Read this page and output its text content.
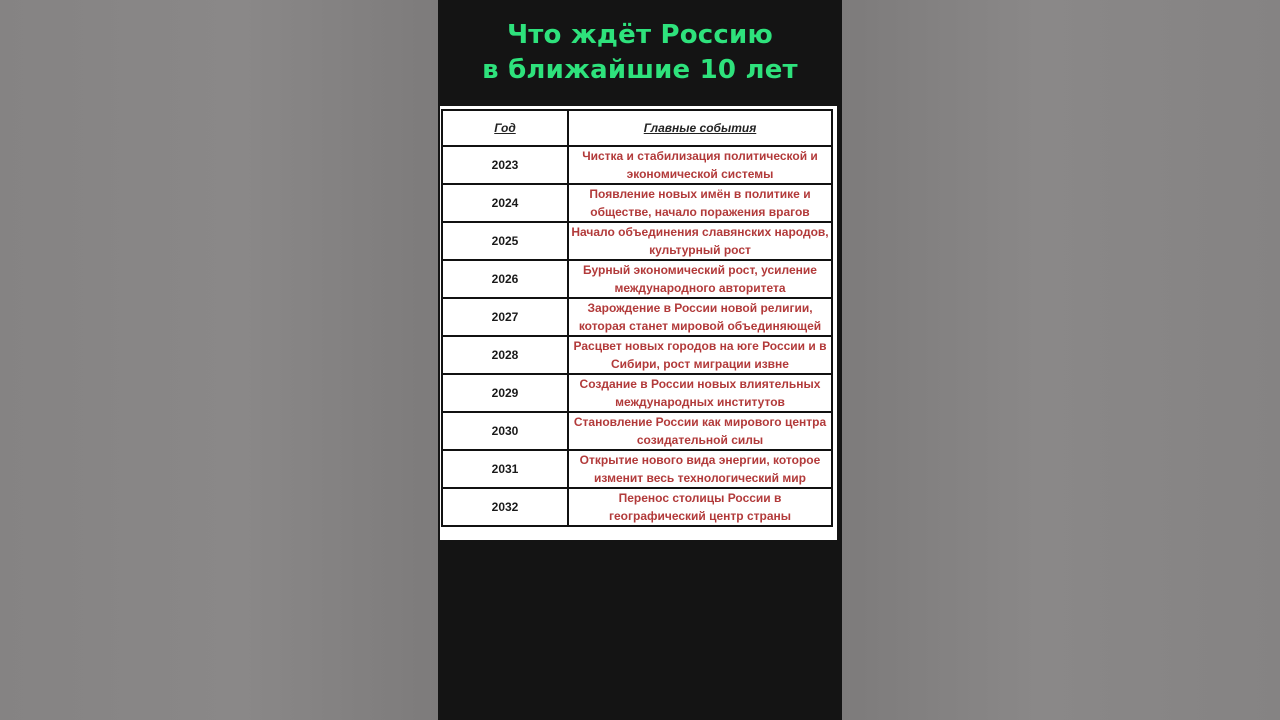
Что ждёт Россию
в ближайшие 10 лет
Год	Главные события
2023	Чистка и стабилизация политической и экономической системы
2024	Появление новых имён в политике и обществе, начало поражения врагов
2025	Начало объединения славянских народов, культурный рост
2026	Бурный экономический рост, усиление международного авторитета
2027	Зарождение в России новой религии, которая станет мировой объединяющей
2028	Расцвет новых городов на юге России и в Сибири, рост миграции извне
2029	Создание в России новых влиятельных международных институтов
2030	Становление России как мирового центра созидательной силы
2031	Открытие нового вида энергии, которое изменит весь технологический мир
2032	Перенос столицы России в географический центр страны
